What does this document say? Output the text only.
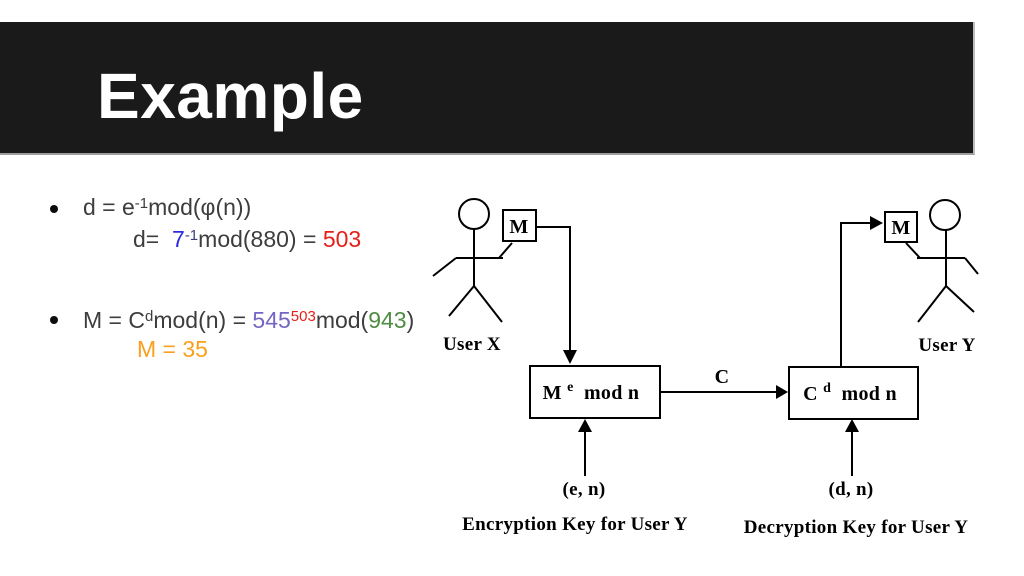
Example
$d = e^{-1}mod(\varphi(n))$
$d= 7^{-1}mod(880) = 503$
$M = C^dmod(n) = 545^{503}mod(943)$
M = 35	User X
M
M $^e$ mod n
C
C $^d$ mod n
M
User Y
(e, n)
Encryption Key for User Y
(d, n)
Decryption Key for User Y
